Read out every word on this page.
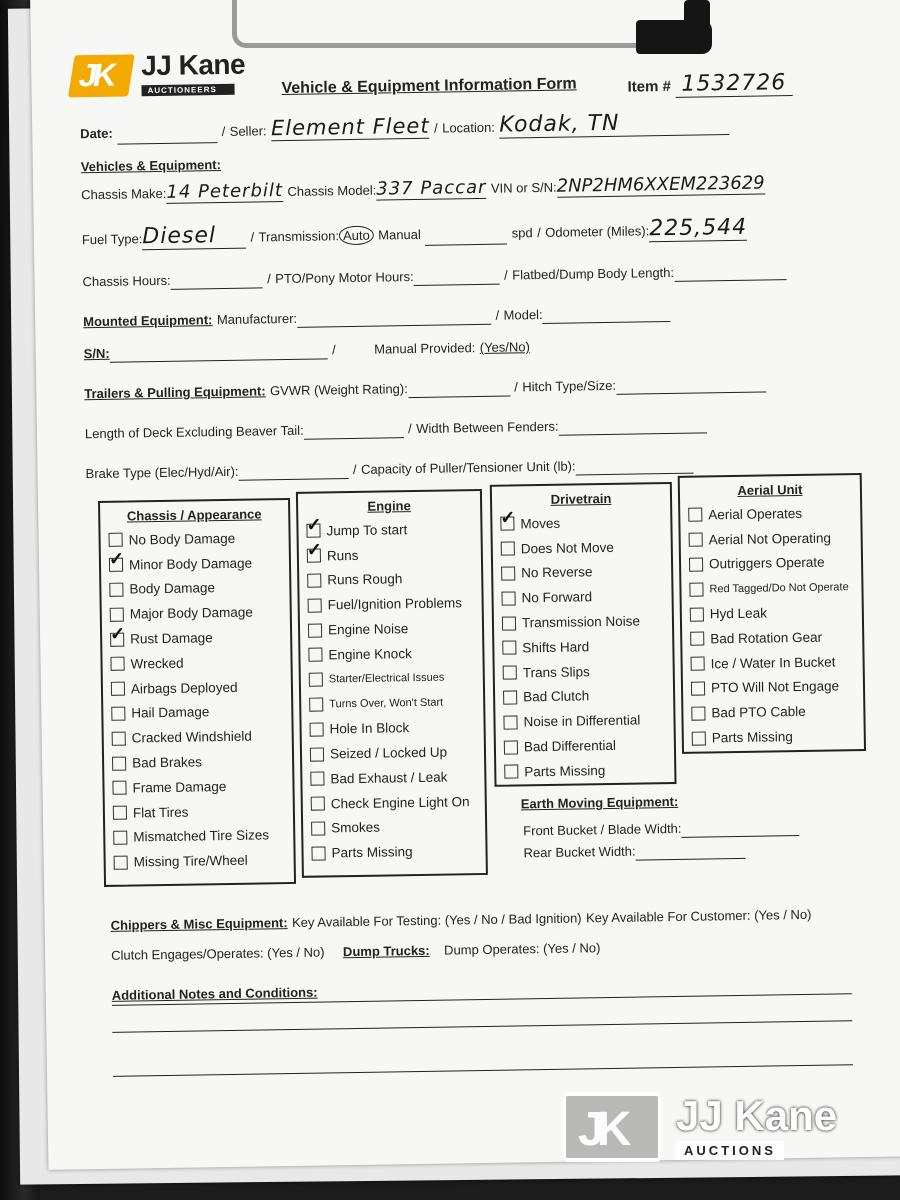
JK JJ Kane
AUCTIONEERS	Vehicle & Equipment Information Form	Item # 1532726
Date:	/ Seller: Element Fleet / Location: Kodak, TN
Vehicles & Equipment:
Chassis Make:14 Peterbilt Chassis Model:337 Paccar VIN or S/N:2NP2HM6XXEM223629
Fuel Type:Diesel	/ Transmission: Auto Manual	spd / Odometer (Miles):225,544
Chassis Hours:	/ PTO/Pony Motor Hours:	/ Flatbed/Dump Body Length:
Mounted Equipment: Manufacturer:	/ Model:
S/N:	/	Manual Provided: (Yes/No)
Trailers & Pulling Equipment: GVWR (Weight Rating):	/ Hitch Type/Size:
Length of Deck Excluding Beaver Tail:	/ Width Between Fenders:
Brake Type (Elec/Hyd/Air):	/ Capacity of Puller/Tensioner Unit (lb):
Chassis / Appearance
No Body Damage
✓ Minor Body Damage
Body Damage
Major Body Damage
✓ Rust Damage
Wrecked
Airbags Deployed
Hail Damage
Cracked Windshield
Bad Brakes
Frame Damage
Flat Tires
Mismatched Tire Sizes
Missing Tire/Wheel
Engine
✓ Jump To start
✓ Runs
Runs Rough
Fuel/Ignition Problems
Engine Noise
Engine Knock
Starter/Electrical Issues
Turns Over, Won't Start
Hole In Block
Seized / Locked Up
Bad Exhaust / Leak
Check Engine Light On
Smokes
Parts Missing
Drivetrain
✓ Moves
Does Not Move
No Reverse
No Forward
Transmission Noise
Shifts Hard
Trans Slips
Bad Clutch
Noise in Differential
Bad Differential
Parts Missing
Aerial Unit
Aerial Operates
Aerial Not Operating
Outriggers Operate
Red Tagged/Do Not Operate
Hyd Leak
Bad Rotation Gear
Ice / Water In Bucket
PTO Will Not Engage
Bad PTO Cable
Parts Missing
Earth Moving Equipment:
Front Bucket / Blade Width:
Rear Bucket Width:
Chippers & Misc Equipment: Key Available For Testing: (Yes / No / Bad Ignition) Key Available For Customer: (Yes / No)
Clutch Engages/Operates: (Yes / No) Dump Trucks: Dump Operates: (Yes / No)
Additional Notes and Conditions:
JK JJ Kane
AUCTIONS
